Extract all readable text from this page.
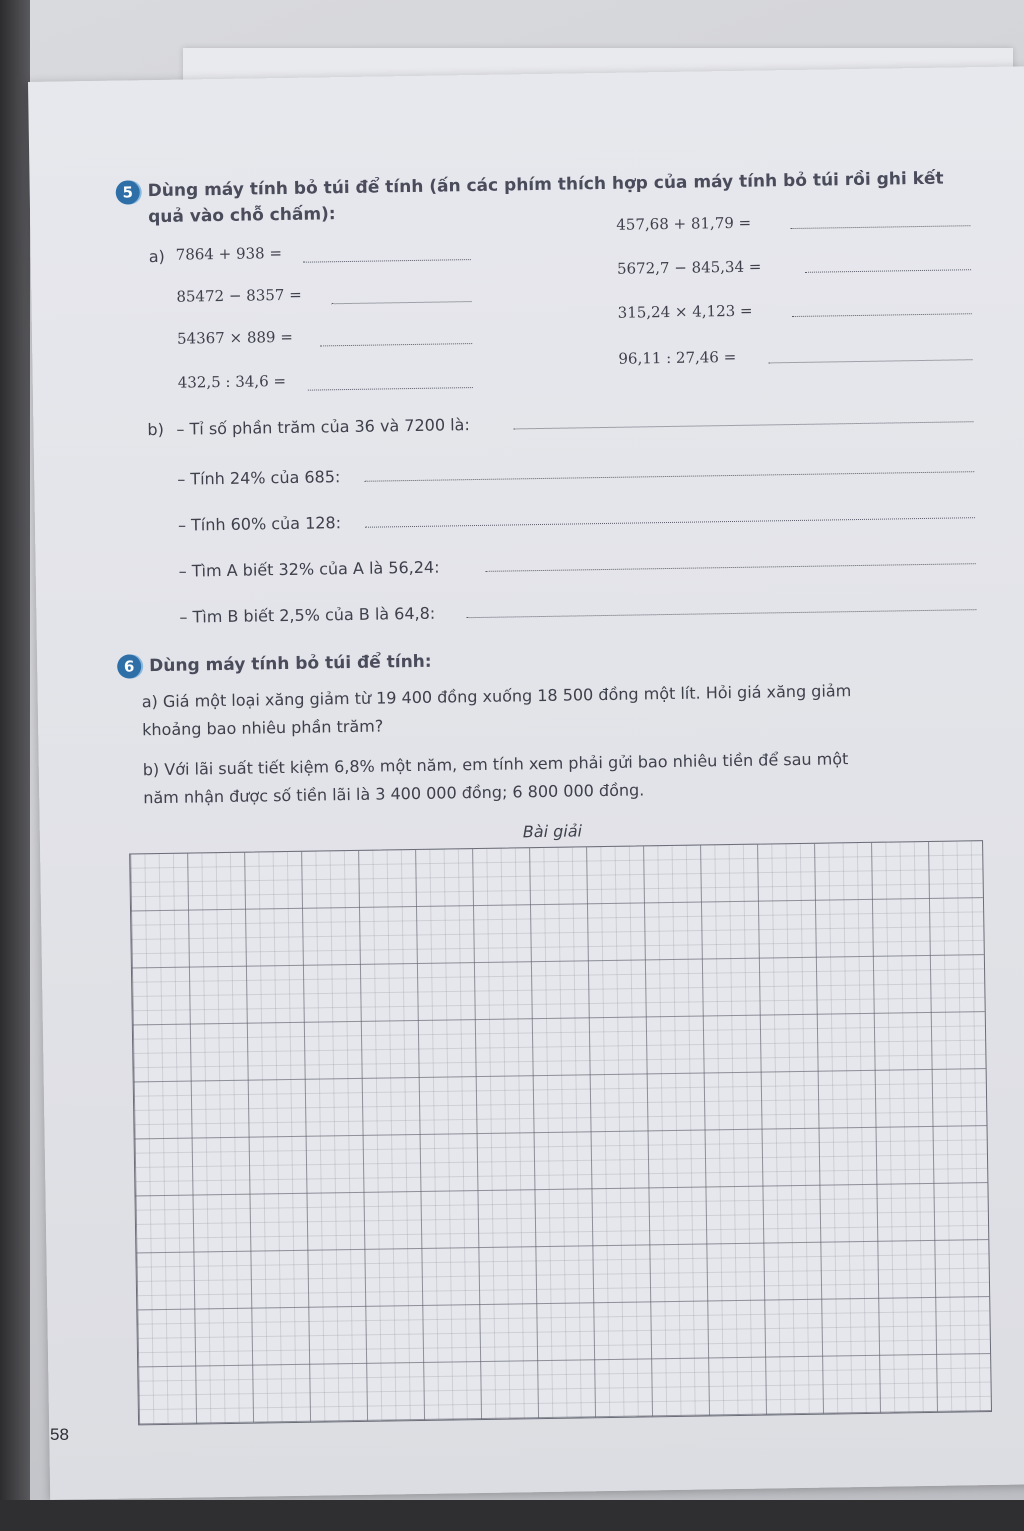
5 Dùng máy tính bỏ túi để tính (ấn các phím thích hợp của máy tính bỏ túi rồi ghi kết
quả vào chỗ chấm):
a) 7864 + 938 =
85472 − 8357 =
54367 × 889 =
432,5 : 34,6 =
457,68 + 81,79 =
5672,7 − 845,34 =
315,24 × 4,123 =
96,11 : 27,46 =
b) – Tỉ số phần trăm của 36 và 7200 là:
– Tính 24% của 685:
– Tính 60% của 128:
– Tìm A biết 32% của A là 56,24:
– Tìm B biết 2,5% của B là 64,8:
6 Dùng máy tính bỏ túi để tính:
a) Giá một loại xăng giảm từ 19 400 đồng xuống 18 500 đồng một lít. Hỏi giá xăng giảm
khoảng bao nhiêu phần trăm?
b) Với lãi suất tiết kiệm 6,8% một năm, em tính xem phải gửi bao nhiêu tiền để sau một
năm nhận được số tiền lãi là 3 400 000 đồng; 6 800 000 đồng.
Bài giải
58
